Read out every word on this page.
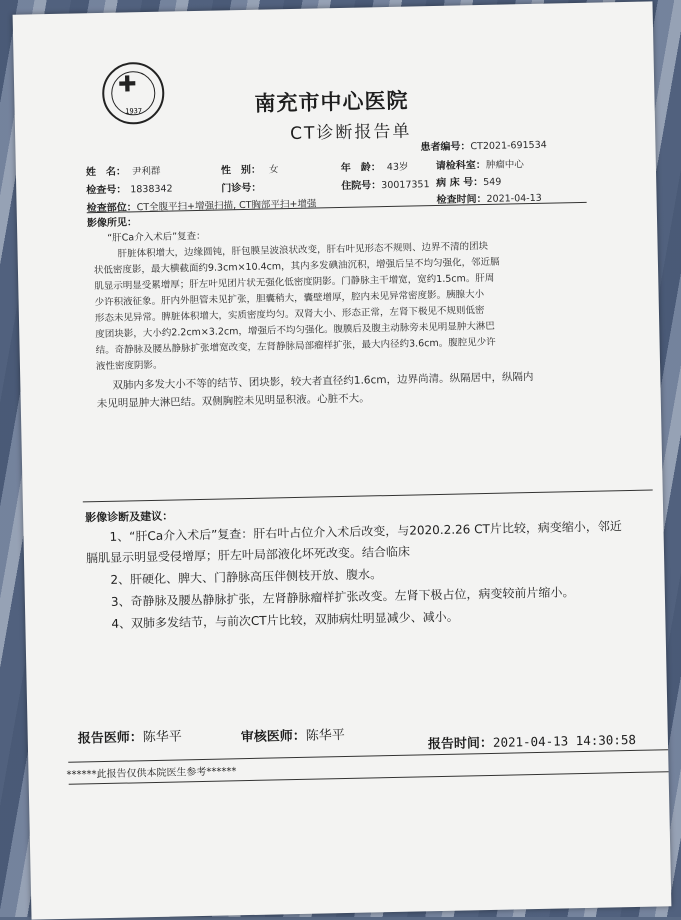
✚
1937	南充市中心医院
CT诊断报告单
患者编号：CT2021-691534
姓　名： 尹利群	性　别： 女	年　龄： 43岁	请检科室：肿瘤中心
检查号： 1838342	门诊号：	住院号：30017351 病 床 号：549
检查部位：CT全腹平扫+增强扫描, CT胸部平扫+增强	检查时间：2021-04-13
影像所见：
“肝Ca介入术后”复查：
肝脏体积增大，边缘圆钝，肝包膜呈波浪状改变，肝右叶见形态不规则、边界不清的团块
状低密度影，最大横截面约9.3cm×10.4cm，其内多发碘油沉积，增强后呈不均匀强化，邻近膈
肌显示明显受累增厚；肝左叶见团片状无强化低密度阴影。门静脉主干增宽，宽约1.5cm。肝周
少许积液征象。肝内外胆管未见扩张，胆囊稍大，囊壁增厚，腔内未见异常密度影。胰腺大小
形态未见异常。脾脏体积增大，实质密度均匀。双肾大小、形态正常，左肾下极见不规则低密
度团块影，大小约2.2cm×3.2cm，增强后不均匀强化。腹膜后及腹主动脉旁未见明显肿大淋巴
结。奇静脉及腰丛静脉扩张增宽改变，左肾静脉局部瘤样扩张，最大内径约3.6cm。腹腔见少许
液性密度阴影。
双肺内多发大小不等的结节、团块影，较大者直径约1.6cm，边界尚清。纵隔居中，纵隔内
未见明显肿大淋巴结。双侧胸腔未见明显积液。心脏不大。
影像诊断及建议：
1、“肝Ca介入术后”复查：肝右叶占位介入术后改变，与2020.2.26 CT片比较，病变缩小，邻近膈肌显示明显受侵增厚；肝左叶局部液化坏死改变。结合临床
2、肝硬化、脾大、门静脉高压伴侧枝开放、腹水。
3、奇静脉及腰丛静脉扩张，左肾静脉瘤样扩张改变。左肾下极占位，病变较前片缩小。
4、双肺多发结节，与前次CT片比较，双肺病灶明显减少、减小。
报告医师：陈华平	审核医师：陈华平	报告时间：2021-04-13 14:30:58
******此报告仅供本院医生参考******
